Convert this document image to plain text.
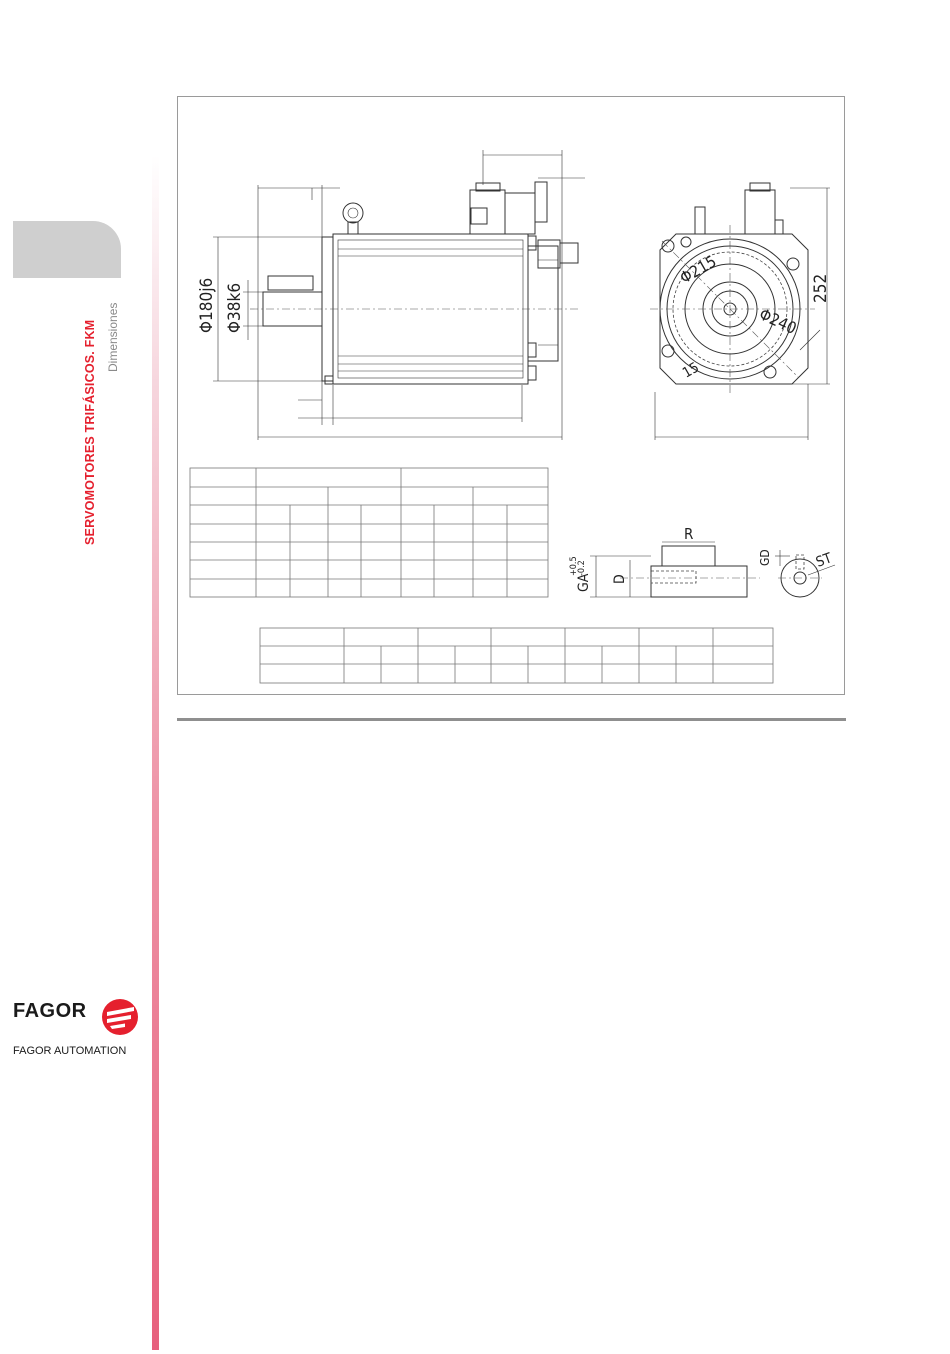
SERVOMOTORES TRIFÁSICOS. FKM Dimensiones
FAGOR
FAGOR AUTOMATION
Φ180j6 Φ38k6
Φ215
Φ240
15
252
R
D
GA
+0.5
-0.2
GD	ST
